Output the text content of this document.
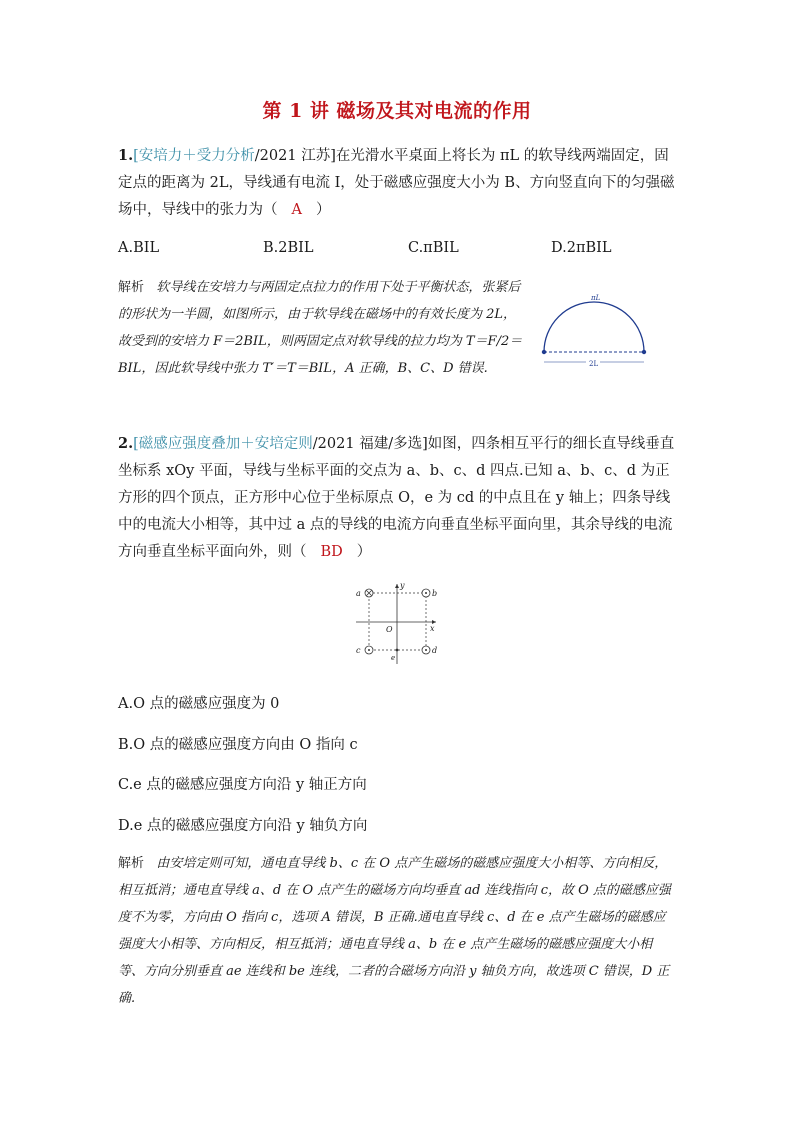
第 1 讲 磁场及其对电流的作用
1.[安培力＋受力分析/2021 江苏]在光滑水平桌面上将长为 πL 的软导线两端固定，固定点的距离为 2L，导线通有电流 I，处于磁感应强度大小为 B、方向竖直向下的匀强磁场中，导线中的张力为（ A ）
A.BIL	B.2BIL	C.πBIL	D.2πBIL
解析 软导线在安培力与两固定点拉力的作用下处于平衡状态，张紧后的形状为一半圆，如图所示，由于软导线在磁场中的有效长度为 2L，故受到的安培力 F＝2BIL，则两固定点对软导线的拉力均为 T＝F/2＝BIL，因此软导线中张力 T′＝T＝BIL，A 正确，B、C、D 错误.
πL
2L
2.[磁感应强度叠加＋安培定则/2021 福建/多选]如图，四条相互平行的细长直导线垂直坐标系 xOy 平面，导线与坐标平面的交点为 a、b、c、d 四点.已知 a、b、c、d 为正方形的四个顶点，正方形中心位于坐标原点 O，e 为 cd 的中点且在 y 轴上；四条导线中的电流大小相等，其中过 a 点的导线的电流方向垂直坐标平面向里，其余导线的电流方向垂直坐标平面向外，则（ BD ）
a	b
c	d
e
O	x
y
A.O 点的磁感应强度为 0
B.O 点的磁感应强度方向由 O 指向 c
C.e 点的磁感应强度方向沿 y 轴正方向
D.e 点的磁感应强度方向沿 y 轴负方向
解析 由安培定则可知，通电直导线 b、c 在 O 点产生磁场的磁感应强度大小相等、方向相反，相互抵消；通电直导线 a、d 在 O 点产生的磁场方向均垂直 ad 连线指向 c，故 O 点的磁感应强度不为零，方向由 O 指向 c，选项 A 错误，B 正确.通电直导线 c、d 在 e 点产生磁场的磁感应强度大小相等、方向相反，相互抵消；通电直导线 a、b 在 e 点产生磁场的磁感应强度大小相等、方向分别垂直 ae 连线和 be 连线，二者的合磁场方向沿 y 轴负方向，故选项 C 错误，D 正确.
